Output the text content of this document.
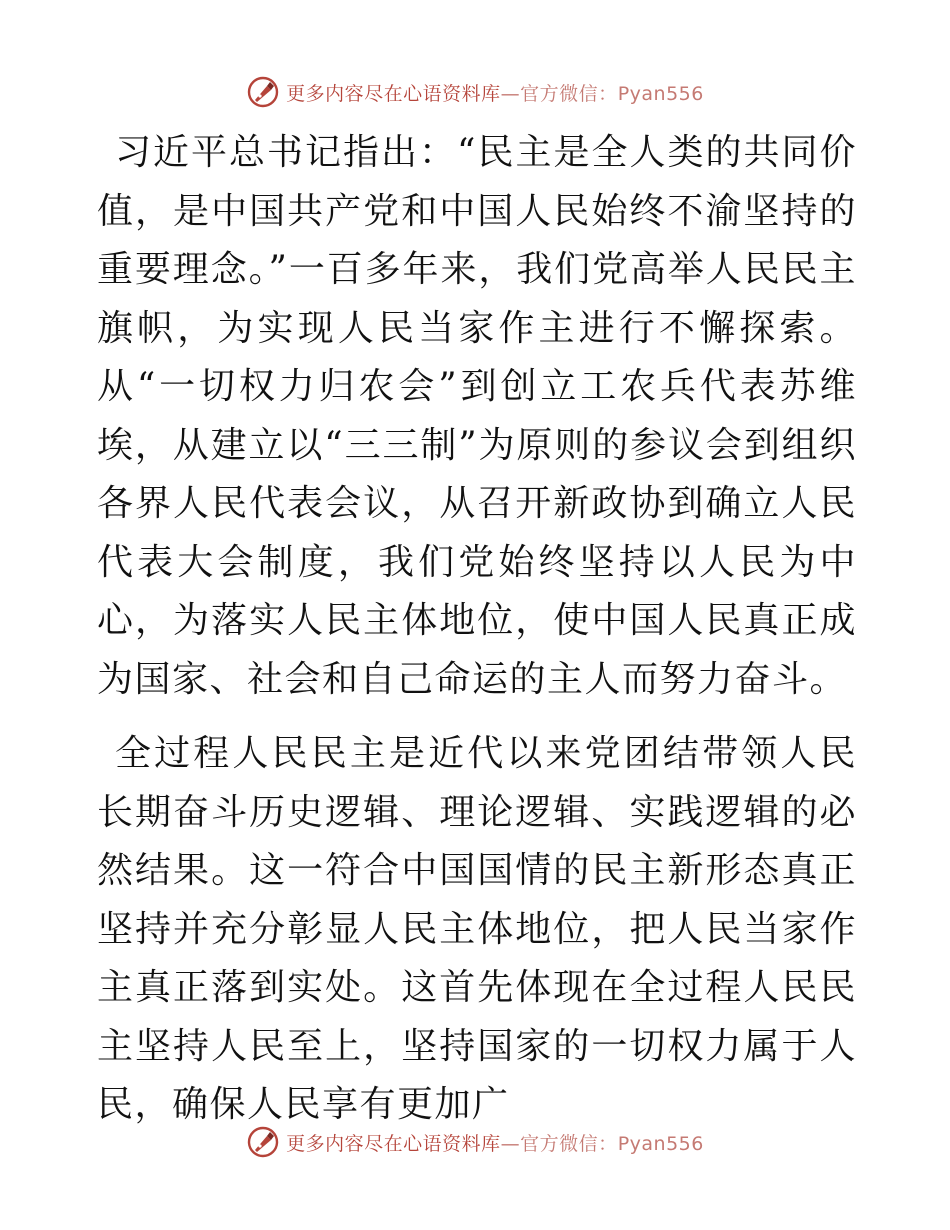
更多内容尽在心语资料库—官方微信：Pyan556

习近平总书记指出：“民主是全人类的共同价值，是中国共产党和中国人民始终不渝坚持的重要理念。”一百多年来，我们党高举人民民主旗帜，为实现人民当家作主进行不懈探索。从“一切权力归农会”到创立工农兵代表苏维埃，从建立以“三三制”为原则的参议会到组织各界人民代表会议，从召开新政协到确立人民代表大会制度，我们党始终坚持以人民为中心，为落实人民主体地位，使中国人民真正成为国家、社会和自己命运的主人而努力奋斗。

全过程人民民主是近代以来党团结带领人民长期奋斗历史逻辑、理论逻辑、实践逻辑的必然结果。这一符合中国国情的民主新形态真正坚持并充分彰显人民主体地位，把人民当家作主真正落到实处。这首先体现在全过程人民民主坚持人民至上，坚持国家的一切权力属于人民，确保人民享有更加广

更多内容尽在心语资料库—官方微信：Pyan556
